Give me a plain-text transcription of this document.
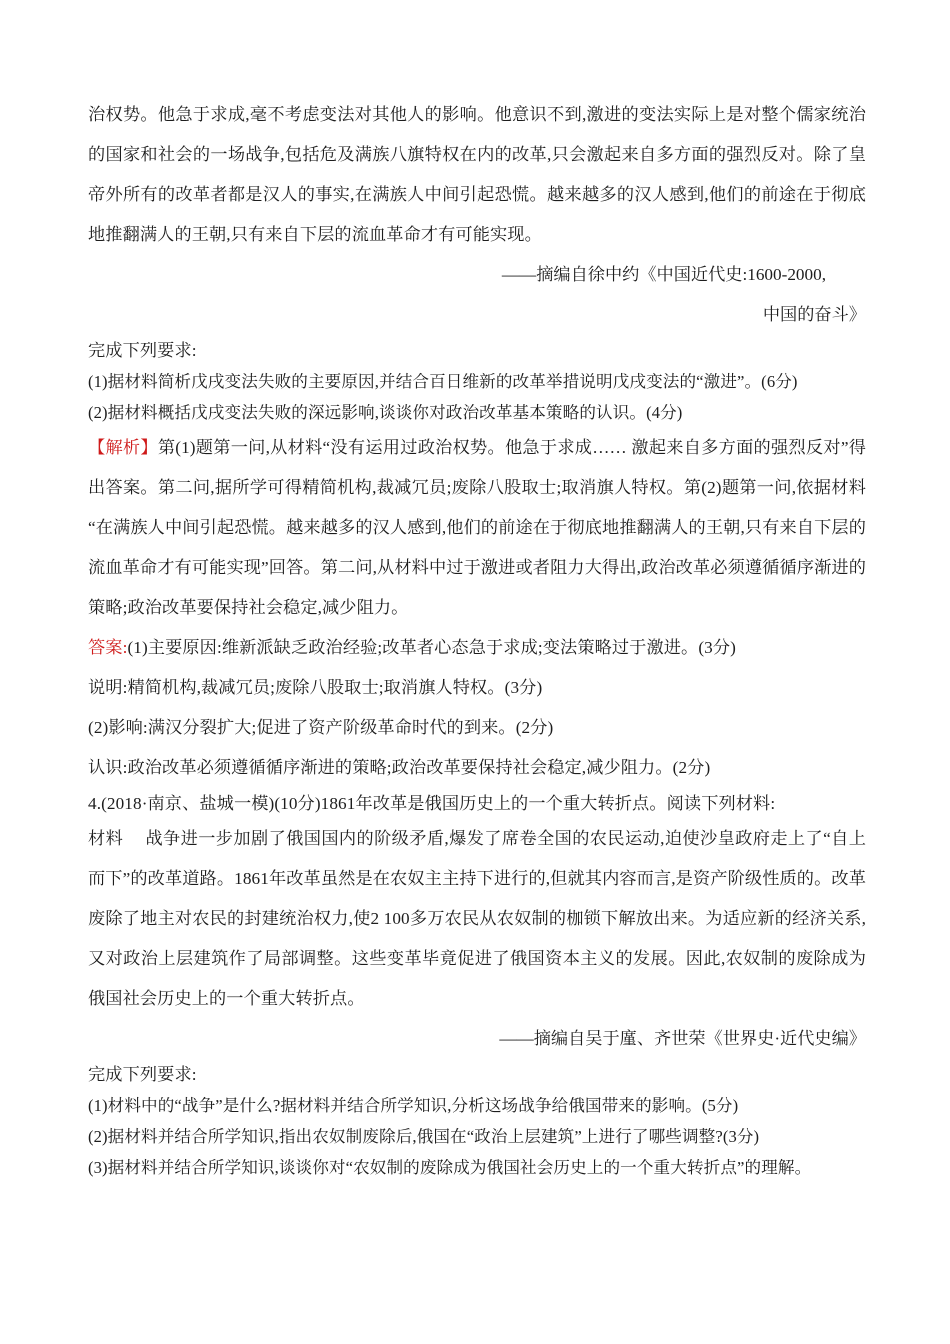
治权势。他急于求成,毫不考虑变法对其他人的影响。他意识不到,激进的变法实际上是对整个儒家统治的国家和社会的一场战争,包括危及满族八旗特权在内的改革,只会激起来自多方面的强烈反对。除了皇帝外所有的改革者都是汉人的事实,在满族人中间引起恐慌。越来越多的汉人感到,他们的前途在于彻底地推翻满人的王朝,只有来自下层的流血革命才有可能实现。

——摘编自徐中约《中国近代史:1600-2000,

中国的奋斗》

完成下列要求:

(1)据材料简析戊戌变法失败的主要原因,并结合百日维新的改革举措说明戊戌变法的“激进”。(6分)

(2)据材料概括戊戌变法失败的深远影响,谈谈你对政治改革基本策略的认识。(4分)

【解析】第(1)题第一问,从材料“没有运用过政治权势。他急于求成…… 激起来自多方面的强烈反对”得出答案。第二问,据所学可得精简机构,裁减冗员;废除八股取士;取消旗人特权。第(2)题第一问,依据材料“在满族人中间引起恐慌。越来越多的汉人感到,他们的前途在于彻底地推翻满人的王朝,只有来自下层的流血革命才有可能实现”回答。第二问,从材料中过于激进或者阻力大得出,政治改革必须遵循循序渐进的策略;政治改革要保持社会稳定,减少阻力。

答案:(1)主要原因:维新派缺乏政治经验;改革者心态急于求成;变法策略过于激进。(3分)

说明:精简机构,裁减冗员;废除八股取士;取消旗人特权。(3分)

(2)影响:满汉分裂扩大;促进了资产阶级革命时代的到来。(2分)

认识:政治改革必须遵循循序渐进的策略;政治改革要保持社会稳定,减少阻力。(2分)

4.(2018·南京、盐城一模)(10分)1861年改革是俄国历史上的一个重大转折点。阅读下列材料:

材料 战争进一步加剧了俄国国内的阶级矛盾,爆发了席卷全国的农民运动,迫使沙皇政府走上了“自上而下”的改革道路。1861年改革虽然是在农奴主主持下进行的,但就其内容而言,是资产阶级性质的。改革废除了地主对农民的封建统治权力,使2 100多万农民从农奴制的枷锁下解放出来。为适应新的经济关系,又对政治上层建筑作了局部调整。这些变革毕竟促进了俄国资本主义的发展。因此,农奴制的废除成为俄国社会历史上的一个重大转折点。

——摘编自吴于廑、齐世荣《世界史·近代史编》

完成下列要求:

(1)材料中的“战争”是什么?据材料并结合所学知识,分析这场战争给俄国带来的影响。(5分)

(2)据材料并结合所学知识,指出农奴制废除后,俄国在“政治上层建筑”上进行了哪些调整?(3分)

(3)据材料并结合所学知识,谈谈你对“农奴制的废除成为俄国社会历史上的一个重大转折点”的理解。
